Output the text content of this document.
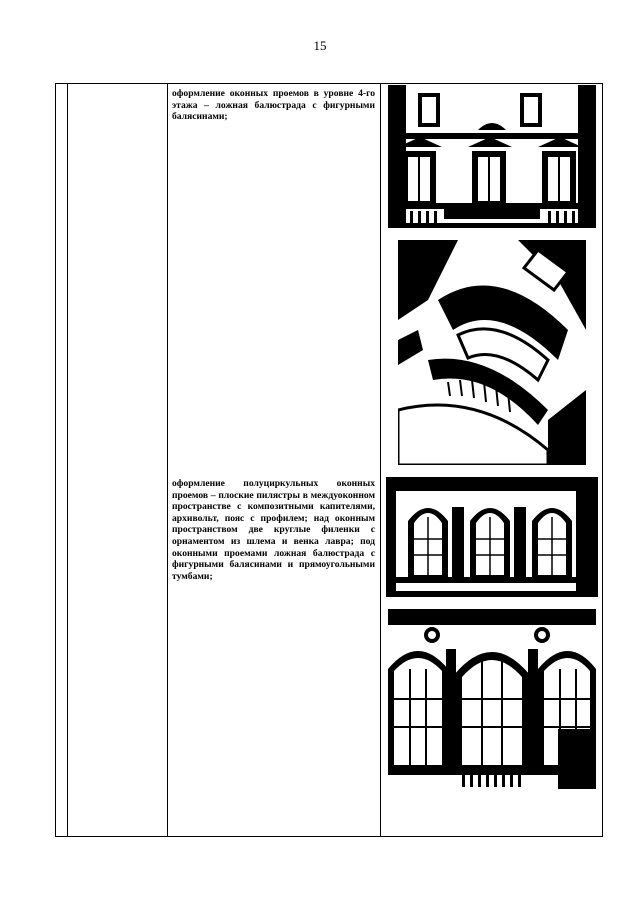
15
оформление оконных проемов в уровне 4-го этажа – ложная балюстрада с фигурными балясинами;
оформление полуциркульных оконных проемов – плоские пилястры в междуоконном пространстве с композитными капителями, архивольт, пояс с профилем; над оконным пространством две круглые филенки с орнаментом из шлема и венка лавра; под оконными проемами ложная балюстрада с фигурными балясинами и прямоугольными тумбами;
